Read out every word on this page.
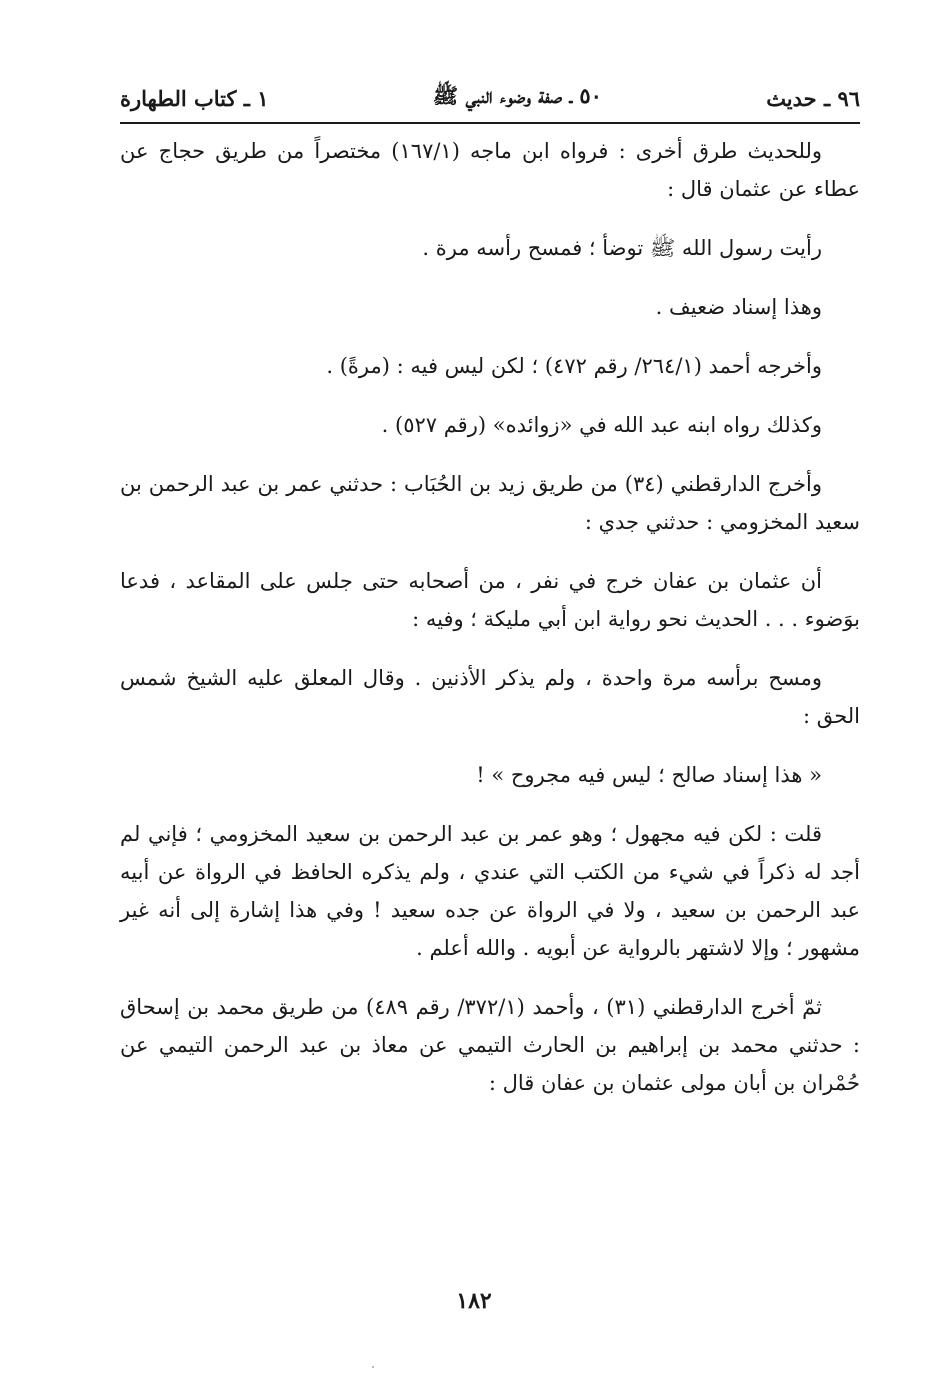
١ ـ كتاب الطهارة	٥٠ ـ صفة وضوء النبي ﷺ	٩٦ ـ حديث

وللحديث طرق أخرى : فرواه ابن ماجه (١٦٧/١) مختصراً من طريق حجاج عن عطاء عن عثمان قال :

رأيت رسول الله ﷺ توضأ ؛ فمسح رأسه مرة .

وهذا إسناد ضعيف .

وأخرجه أحمد (٢٦٤/١/ رقم ٤٧٢) ؛ لكن ليس فيه : (مرةً) .

وكذلك رواه ابنه عبد الله في «زوائده» (رقم ٥٢٧) .

وأخرج الدارقطني (٣٤) من طريق زيد بن الحُبَاب : حدثني عمر بن عبد الرحمن بن سعيد المخزومي : حدثني جدي :

أن عثمان بن عفان خرج في نفر ، من أصحابه حتى جلس على المقاعد ، فدعا بوَضوء . . . الحديث نحو رواية ابن أبي مليكة ؛ وفيه :

ومسح برأسه مرة واحدة ، ولم يذكر الأذنين . وقال المعلق عليه الشيخ شمس الحق :

« هذا إسناد صالح ؛ ليس فيه مجروح » !

قلت : لكن فيه مجهول ؛ وهو عمر بن عبد الرحمن بن سعيد المخزومي ؛ فإني لم أجد له ذكراً في شيء من الكتب التي عندي ، ولم يذكره الحافظ في الرواة عن أبيه عبد الرحمن بن سعيد ، ولا في الرواة عن جده سعيد ! وفي هذا إشارة إلى أنه غير مشهور ؛ وإلا لاشتهر بالرواية عن أبويه . والله أعلم .

ثمّ أخرج الدارقطني (٣١) ، وأحمد (٣٧٢/١/ رقم ٤٨٩) من طريق محمد بن إسحاق : حدثني محمد بن إبراهيم بن الحارث التيمي عن معاذ بن عبد الرحمن التيمي عن حُمْران بن أبان مولى عثمان بن عفان قال :

١٨٢
